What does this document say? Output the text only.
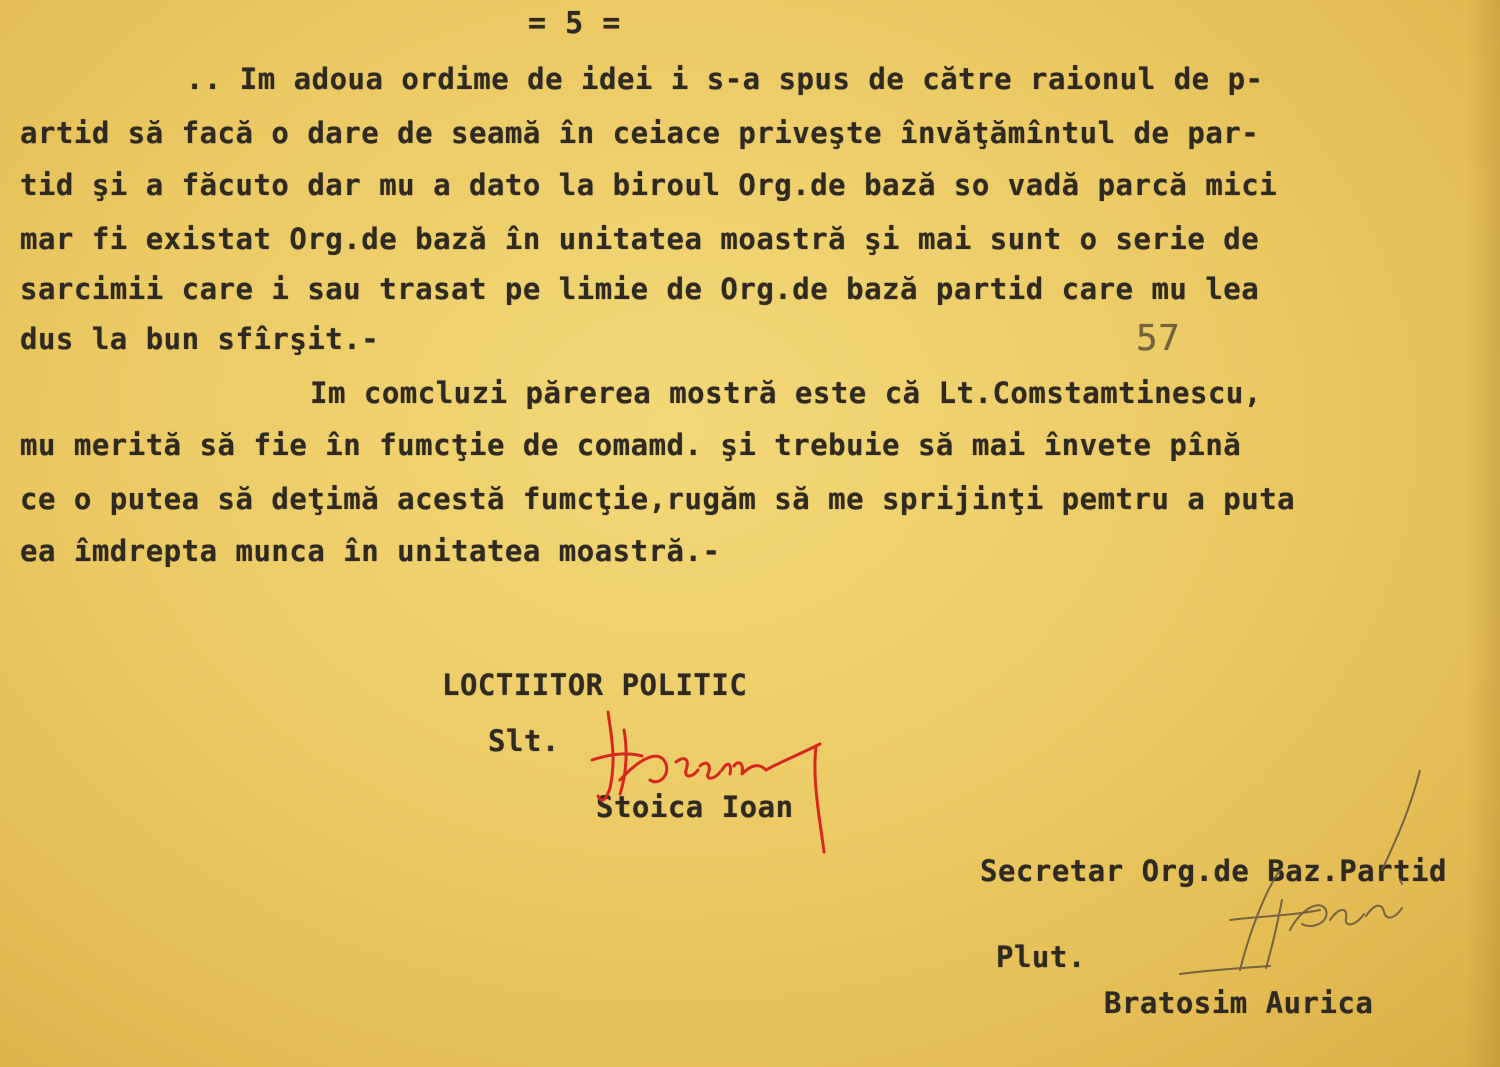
= 5 =
.. Im adoua ordime de idei i s-a spus de către raionul de p-
artid să facă o dare de seamă în ceiace priveşte învăţămîntul de par-
tid şi a făcuto dar mu a dato la biroul Org.de bază so vadă parcă mici
mar fi existat Org.de bază în unitatea moastră şi mai sunt o serie de
sarcimii care i sau trasat pe limie de Org.de bază partid care mu lea
dus la bun sfîrşit.-	57
Im comcluzi părerea mostră este că Lt.Comstamtinescu,
mu merită să fie în fumcţie de comamd. şi trebuie să mai învete pînă
ce o putea să deţimă acestă fumcţie,rugăm să me sprijinţi pemtru a puta
ea îmdrepta munca în unitatea moastră.-
LOCTIITOR POLITIC
Slt.
Stoica Ioan
Secretar Org.de Baz.Partid
Plut.
Bratosim Aurica
